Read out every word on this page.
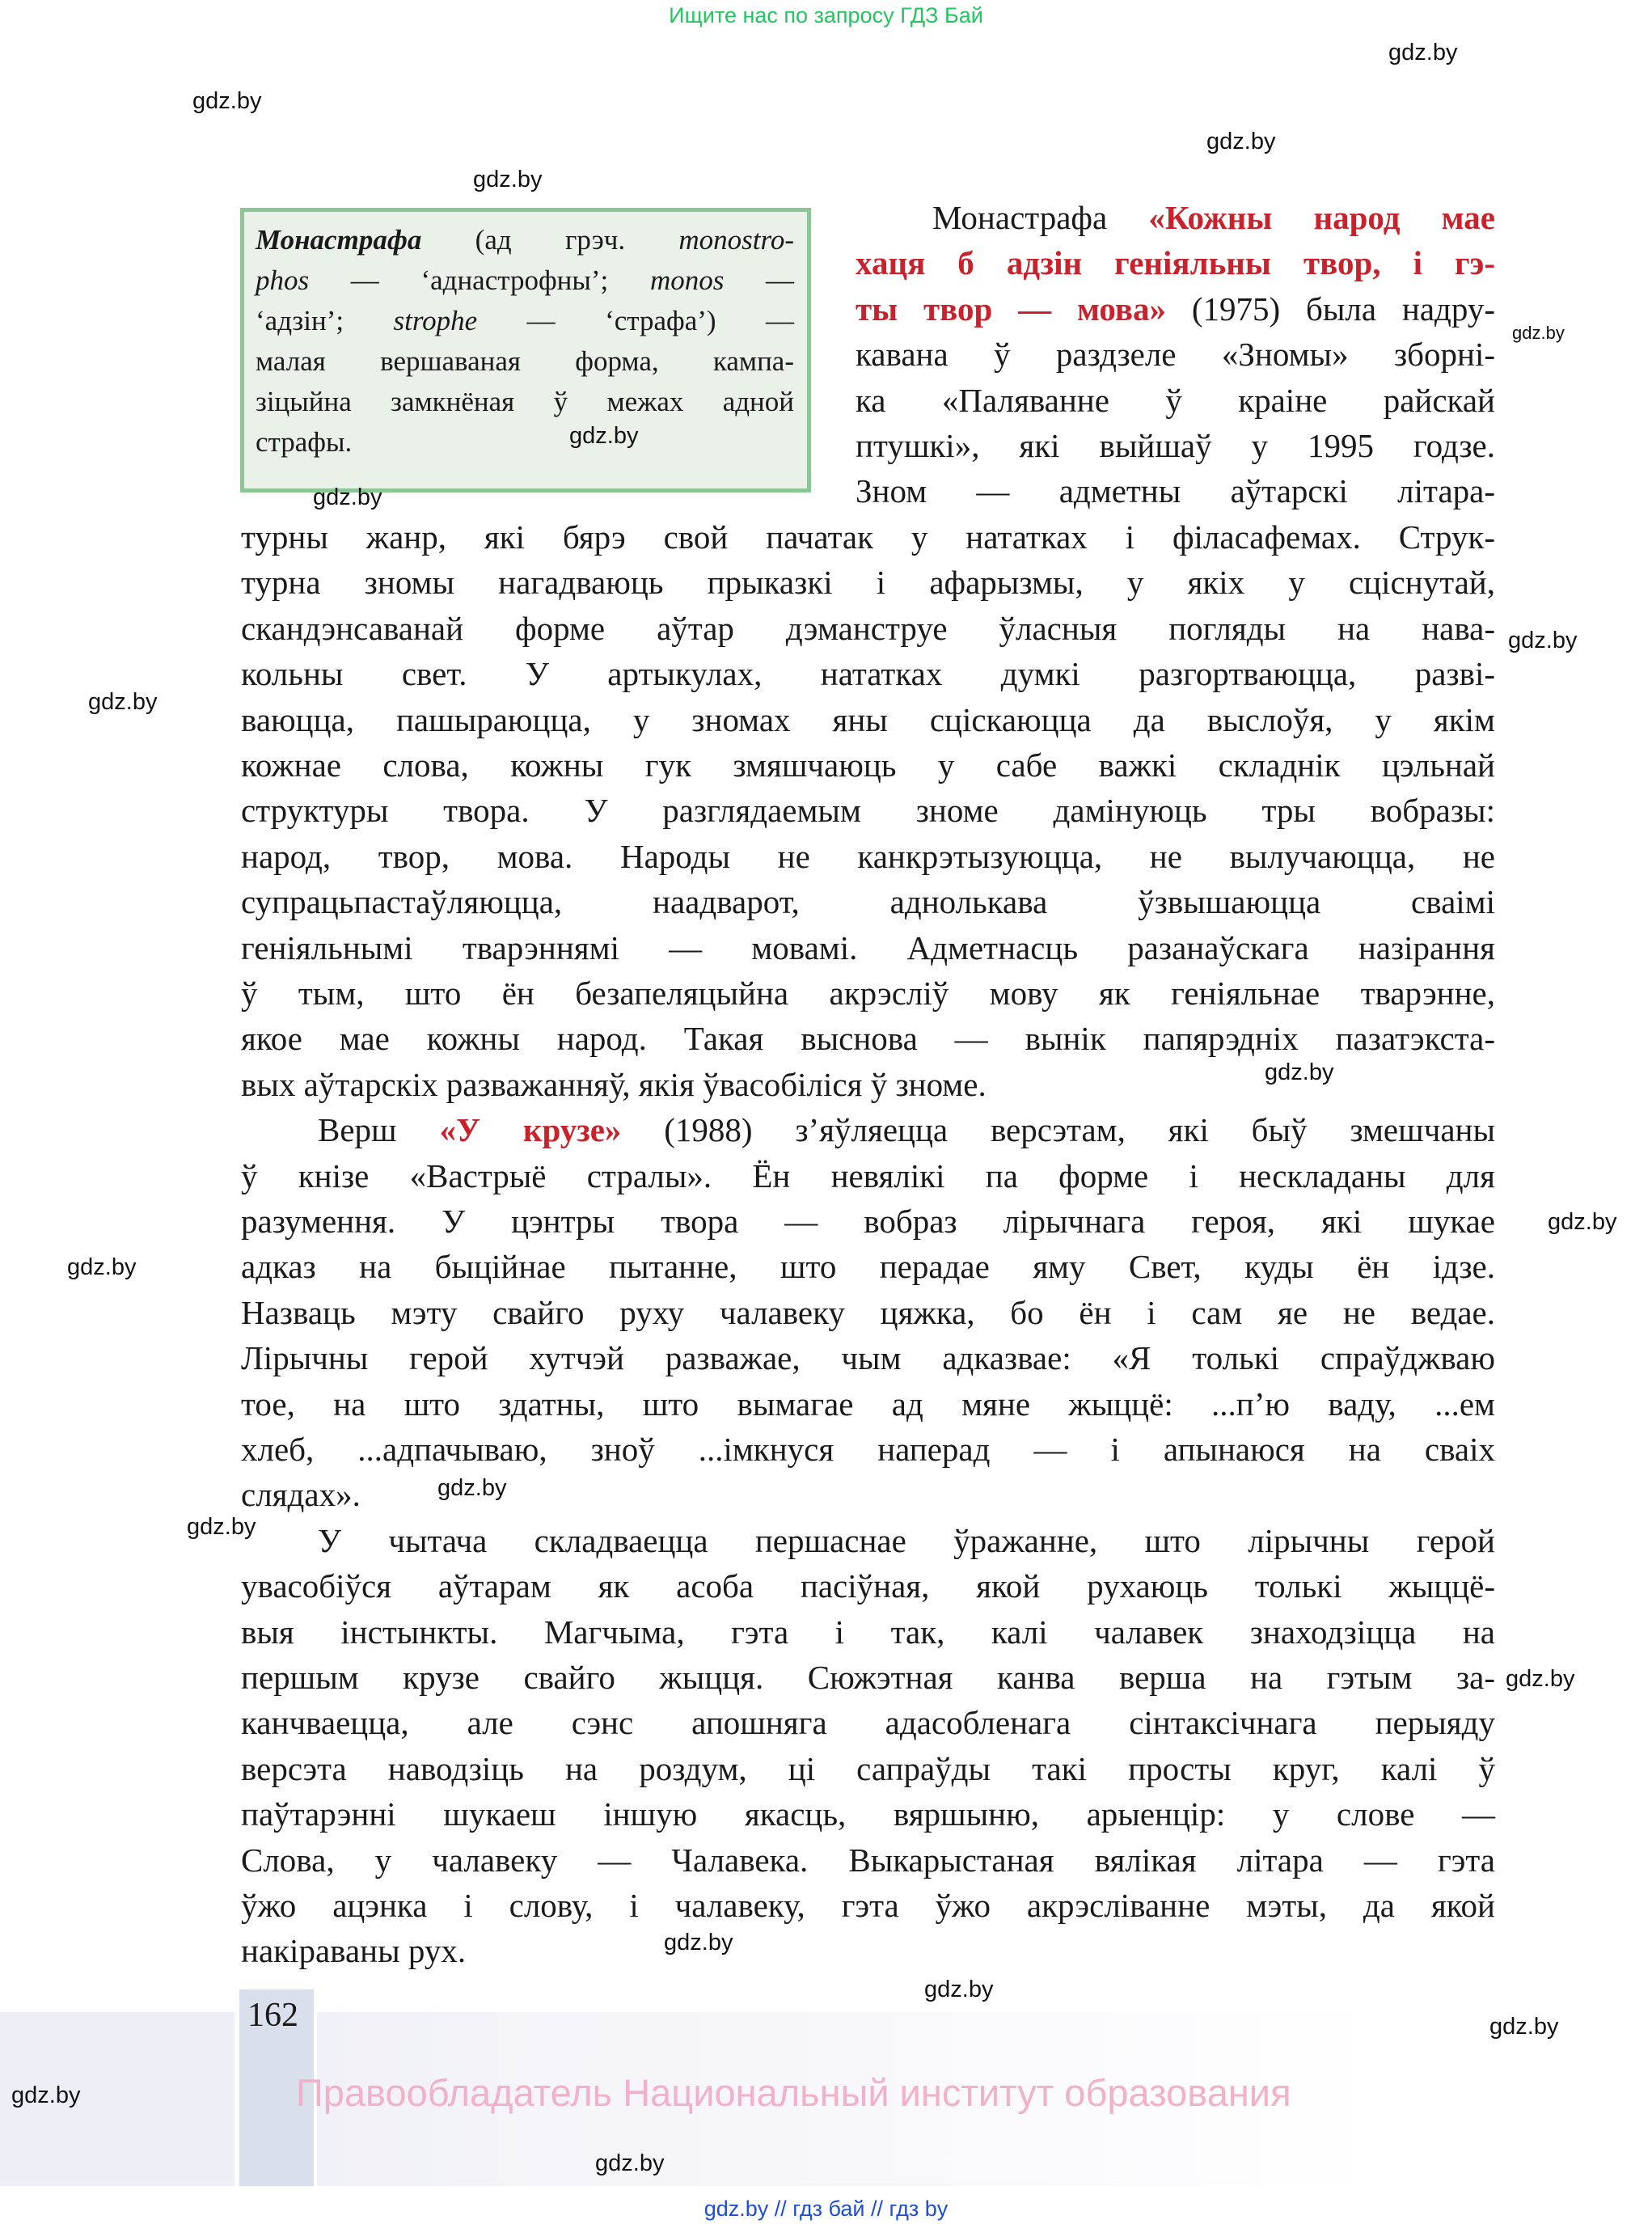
Ищите нас по запросу ГДЗ Бай
Монастрафа (ад грэч. monostro-
phos — ‘аднастрофны’; monos —
‘адзін’; strophe — ‘страфа’) —
малая вершаваная форма, кампа-
зіцыйна замкнёная ў межах адной
страфы.
Монастрафа «Кожны народ мае
хаця б адзін геніяльны твор, і гэ-
ты твор — мова» (1975) была надру-
кавана ў раздзеле «Зномы» зборні-
ка «Паляванне ў краіне райскай
птушкі», які выйшаў у 1995 годзе.
Зном — адметны аўтарскі літара-
турны жанр, які бярэ свой пачатак у нататках і філасафемах. Струк-
турна зномы нагадваюць прыказкі і афарызмы, у якіх у сціснутай,
скандэнсаванай форме аўтар дэманструе ўласныя погляды на нава-
кольны свет. У артыкулах, нататках думкі разгортваюцца, разві-
ваюцца, пашыраюцца, у зномах яны сціскаюцца да выслоўя, у якім
кожнае слова, кожны гук змяшчаюць у сабе важкі складнік цэльнай
структуры твора. У разглядаемым зноме дамінуюць тры вобразы:
народ, твор, мова. Народы не канкрэтызуюцца, не вылучаюцца, не
супрацьпастаўляюцца, наадварот, аднолькава ўзвышаюцца сваімі
геніяльнымі тварэннямі — мовамі. Адметнасць разанаўскага назірання
ў тым, што ён безапеляцыйна акрэсліў мову як геніяльнае тварэнне,
якое мае кожны народ. Такая выснова — вынік папярэдніх пазатэкста-
вых аўтарскіх разважанняў, якія ўвасобіліся ў зноме.
Верш «У крузе» (1988) з’яўляецца версэтам, які быў змешчаны
ў кнізе «Вастрыё стралы». Ён невялікі па форме і нескладаны для
разумення. У цэнтры твора — вобраз лірычнага героя, які шукае
адказ на быційнае пытанне, што перадае яму Свет, куды ён ідзе.
Назваць мэту свайго руху чалавеку цяжка, бо ён і сам яе не ведае.
Лірычны герой хутчэй разважае, чым адказвае: «Я толькі спраўджваю
тое, на што здатны, што вымагае ад мяне жыццё: ...п’ю ваду, ...ем
хлеб, ...адпачываю, зноў ...імкнуся наперад — і апынаюся на сваіх
слядах».
У чытача складваецца першаснае ўражанне, што лірычны герой
увасобіўся аўтарам як асоба пасіўная, якой рухаюць толькі жыццё-
выя інстынкты. Магчыма, гэта і так, калі чалавек знаходзіцца на
першым крузе свайго жыцця. Сюжэтная канва верша на гэтым за-
канчваецца, але сэнс апошняга адасобленага сінтаксічнага перыяду
версэта наводзіць на роздум, ці сапраўды такі просты круг, калі ў
паўтарэнні шукаеш іншую якасць, вяршыню, арыенцір: у слове —
Слова, у чалавеку — Чалавека. Выкарыстаная вялікая літара — гэта
ўжо ацэнка і слову, і чалавеку, гэта ўжо акрэсліванне мэты, да якой
накіраваны рух.
162
Правообладатель Национальный институт образования
gdz.by // гдз бай // гдз by
gdz.by
gdz.by
gdz.by
gdz.by
gdz.by
gdz.by
gdz.by
gdz.by
gdz.by
gdz.by
gdz.by
gdz.by
gdz.by
gdz.by
gdz.by
gdz.by
gdz.by
gdz.by
gdz.by
gdz.by
